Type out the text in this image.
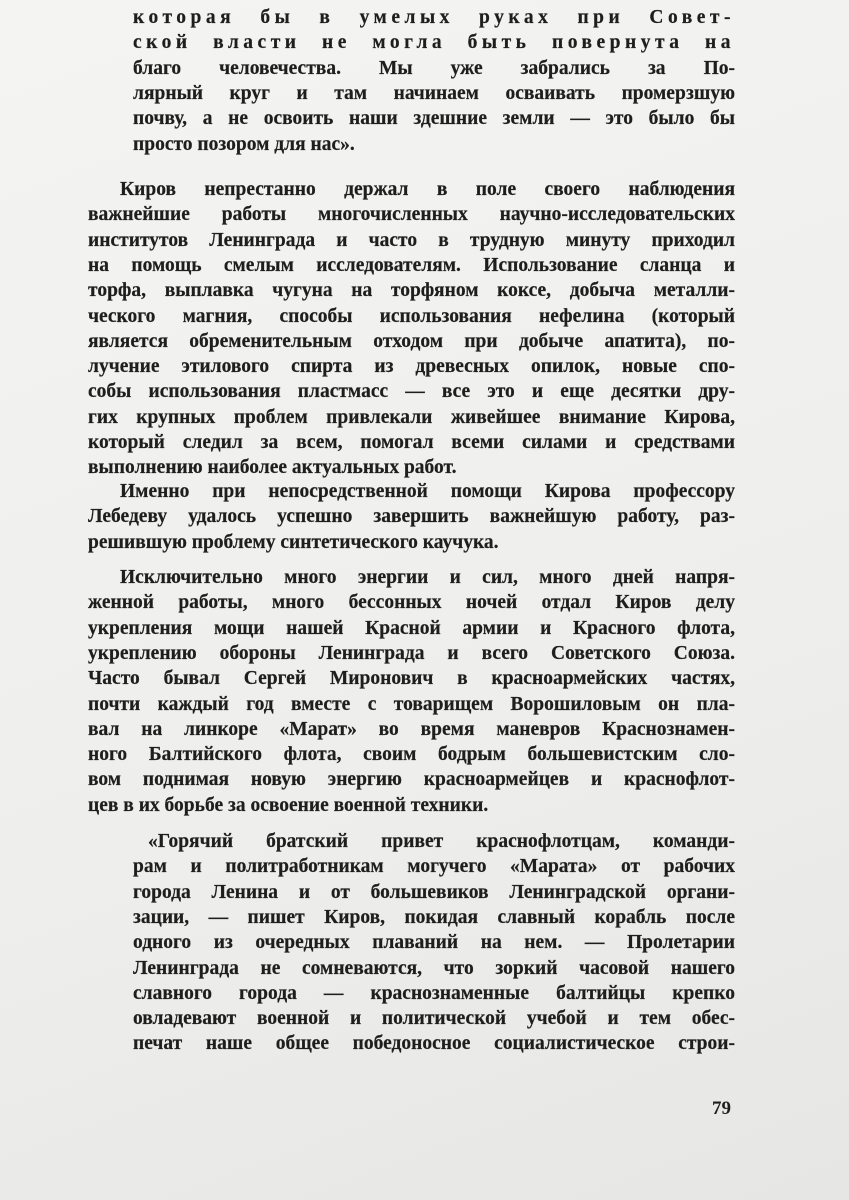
которая бы в умелых руках при Совет-
ской власти не могла быть повернута на
благо человечества. Мы уже забрались за По-
лярный круг и там начинаем осваивать промерзшую
почву, а не освоить наши здешние земли — это было бы
просто позором для нас».
Киров непрестанно держал в поле своего наблюдения
важнейшие работы многочисленных научно-исследовательских
институтов Ленинграда и часто в трудную минуту приходил
на помощь смелым исследователям. Использование сланца и
торфа, выплавка чугуна на торфяном коксе, добыча металли-
ческого магния, способы использования нефелина (который
является обременительным отходом при добыче апатита), по-
лучение этилового спирта из древесных опилок, новые спо-
собы использования пластмасс — все это и еще десятки дру-
гих крупных проблем привлекали живейшее внимание Кирова,
который следил за всем, помогал всеми силами и средствами
выполнению наиболее актуальных работ.
Именно при непосредственной помощи Кирова профессору
Лебедеву удалось успешно завершить важнейшую работу, раз-
решившую проблему синтетического каучука.
Исключительно много энергии и сил, много дней напря-
женной работы, много бессонных ночей отдал Киров делу
укрепления мощи нашей Красной армии и Красного флота,
укреплению обороны Ленинграда и всего Советского Союза.
Часто бывал Сергей Миронович в красноармейских частях,
почти каждый год вместе с товарищем Ворошиловым он пла-
вал на линкоре «Марат» во время маневров Краснознамен-
ного Балтийского флота, своим бодрым большевистским сло-
вом поднимая новую энергию красноармейцев и краснофлот-
цев в их борьбе за освоение военной техники.
«Горячий братский привет краснофлотцам, команди-
рам и политработникам могучего «Марата» от рабочих
города Ленина и от большевиков Ленинградской органи-
зации, — пишет Киров, покидая славный корабль после
одного из очередных плаваний на нем. — Пролетарии
Ленинграда не сомневаются, что зоркий часовой нашего
славного города — краснознаменные балтийцы крепко
овладевают военной и политической учебой и тем обес-
печат наше общее победоносное социалистическое строи-
79
